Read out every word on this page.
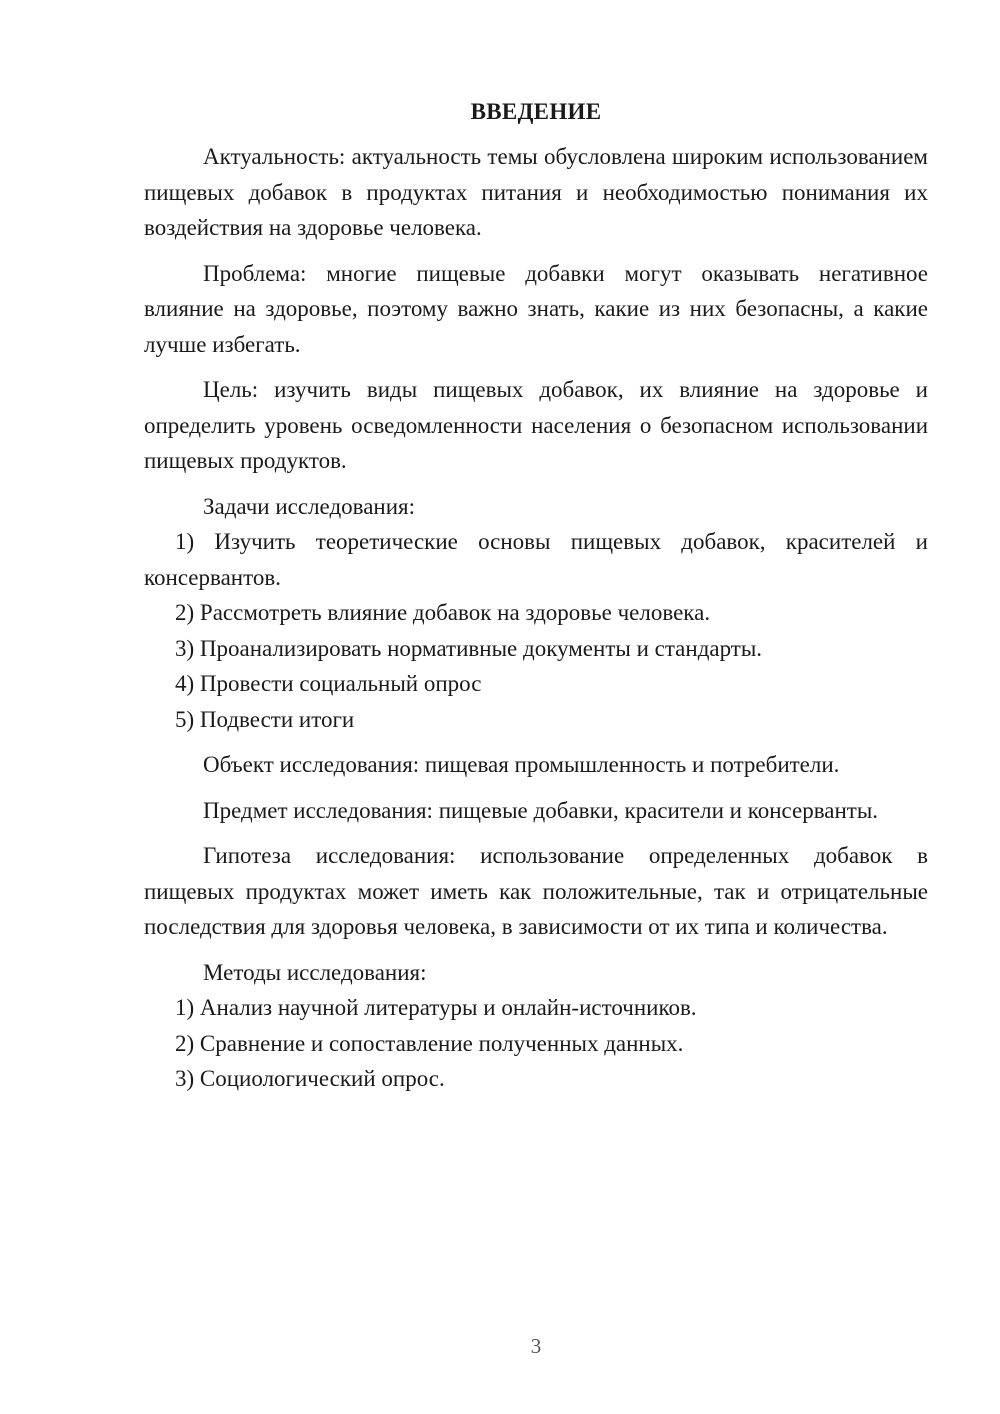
ВВЕДЕНИЕ

Актуальность: актуальность темы обусловлена широким использованием пищевых добавок в продуктах питания и необходимостью понимания их воздействия на здоровье человека.

Проблема: многие пищевые добавки могут оказывать негативное влияние на здоровье, поэтому важно знать, какие из них безопасны, а какие лучше избегать.

Цель: изучить виды пищевых добавок, их влияние на здоровье и определить уровень осведомленности населения о безопасном использовании пищевых продуктов.

Задачи исследования:

1) Изучить теоретические основы пищевых добавок, красителей и консервантов.

2) Рассмотреть влияние добавок на здоровье человека.

3) Проанализировать нормативные документы и стандарты.

4) Провести социальный опрос

5) Подвести итоги

Объект исследования: пищевая промышленность и потребители.

Предмет исследования: пищевые добавки, красители и консерванты.

Гипотеза исследования: использование определенных добавок в пищевых продуктах может иметь как положительные, так и отрицательные последствия для здоровья человека, в зависимости от их типа и количества.

Методы исследования:

1) Анализ научной литературы и онлайн-источников.

2) Сравнение и сопоставление полученных данных.

3) Социологический опрос.

3
